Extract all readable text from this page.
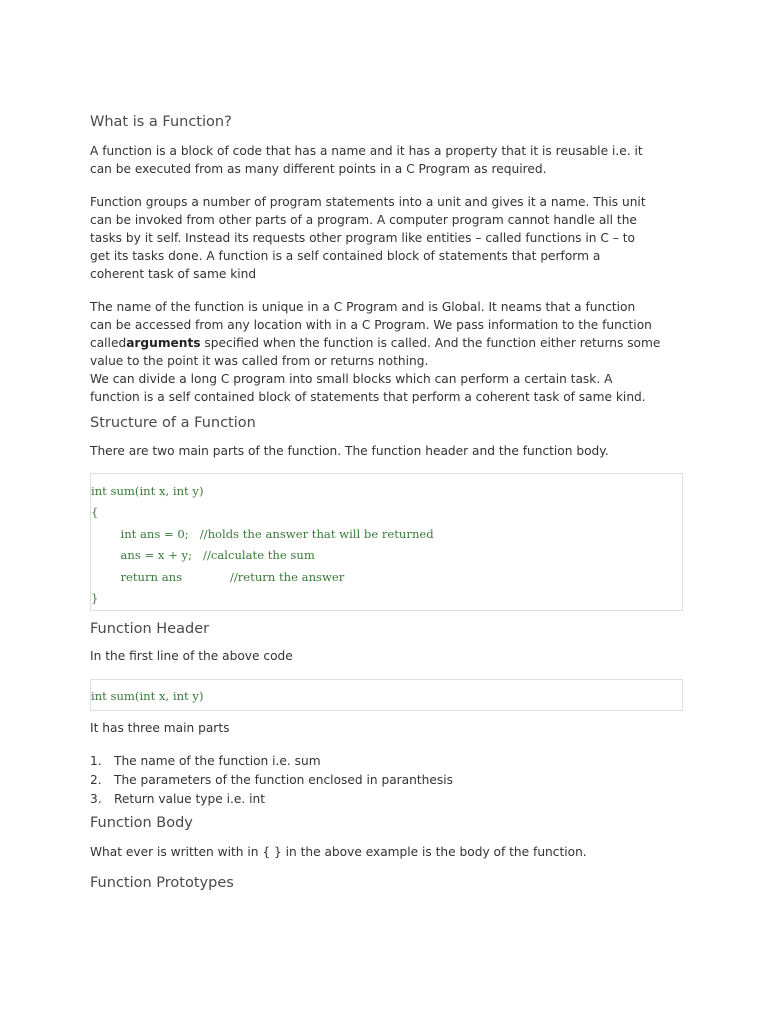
What is a Function?

A function is a block of code that has a name and it has a property that it is reusable i.e. it
can be executed from as many different points in a C Program as required.

Function groups a number of program statements into a unit and gives it a name. This unit
can be invoked from other parts of a program. A computer program cannot handle all the
tasks by it self. Instead its requests other program like entities – called functions in C – to
get its tasks done. A function is a self contained block of statements that perform a
coherent task of same kind

The name of the function is unique in a C Program and is Global. It neams that a function
can be accessed from any location with in a C Program. We pass information to the function
calledarguments specified when the function is called. And the function either returns some
value to the point it was called from or returns nothing.
We can divide a long C program into small blocks which can perform a certain task. A
function is a self contained block of statements that perform a coherent task of same kind.

Structure of a Function

There are two main parts of the function. The function header and the function body.

int sum(int x, int y)
{
int ans = 0;   //holds the answer that will be returned
ans = x + y;   //calculate the sum
return ans             //return the answer
}
Function Header

In the first line of the above code

int sum(int x, int y)

It has three main parts

1. The name of the function i.e. sum
2. The parameters of the function enclosed in paranthesis
3. Return value type i.e. int
Function Body

What ever is written with in { } in the above example is the body of the function.

Function Prototypes
